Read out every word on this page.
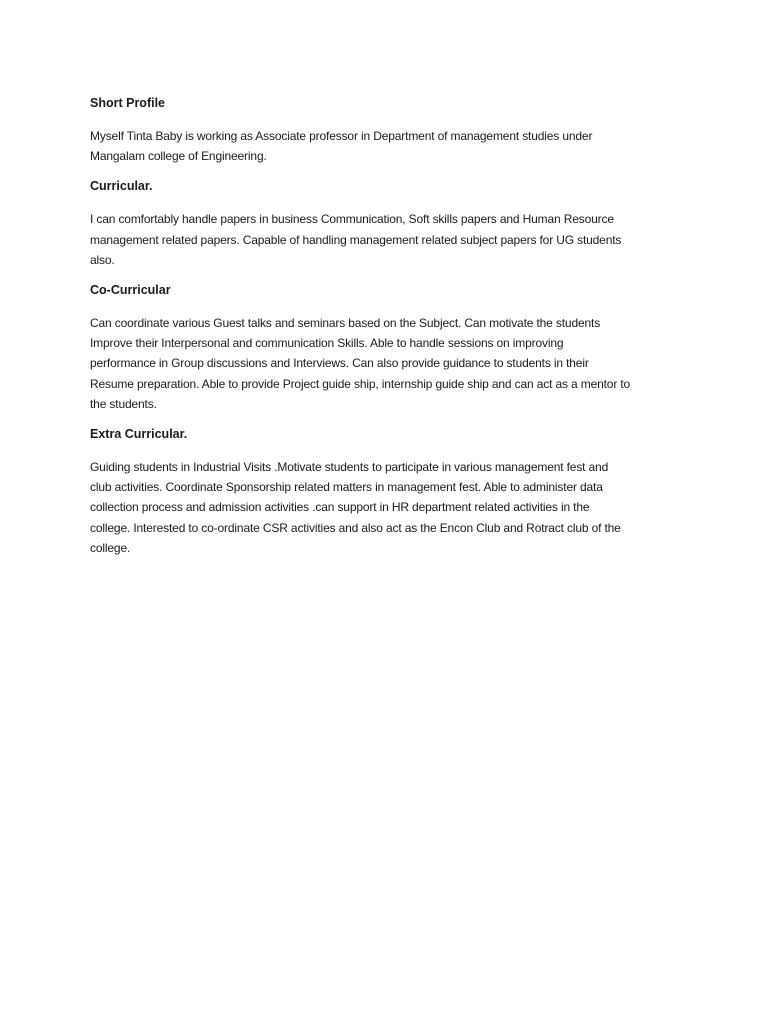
Short Profile
Myself Tinta Baby is working as Associate professor in Department of management studies under
Mangalam college of Engineering.
Curricular.
I can comfortably handle papers in business Communication, Soft skills papers and Human Resource
management related papers. Capable of handling management related subject papers for UG students
also.
Co-Curricular
Can coordinate various Guest talks and seminars based on the Subject. Can motivate the students
Improve their Interpersonal and communication Skills. Able to handle sessions on improving
performance in Group discussions and Interviews. Can also provide guidance to students in their
Resume preparation. Able to provide Project guide ship, internship guide ship and can act as a mentor to
the students.
Extra Curricular.
Guiding students in Industrial Visits .Motivate students to participate in various management fest and
club activities. Coordinate Sponsorship related matters in management fest. Able to administer data
collection process and admission activities .can support in HR department related activities in the
college. Interested to co-ordinate CSR activities and also act as the Encon Club and Rotract club of the
college.
